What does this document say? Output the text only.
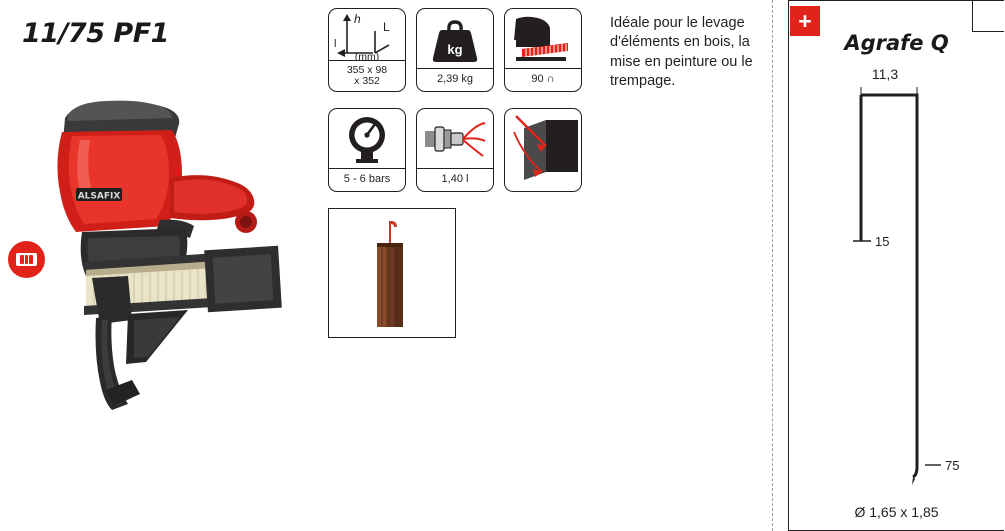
11/75 PF1
ALSAFIX
h
L
l
(mm)
355 x 98
x 352
kg
2,39 kg	90 ∩
5 - 6 bars	1,40 l
Idéale pour le levage d'éléments en bois, la mise en peinture ou le trempage.
Agrafe Q
11,3
15
75
Ø 1,65 x 1,85
+
